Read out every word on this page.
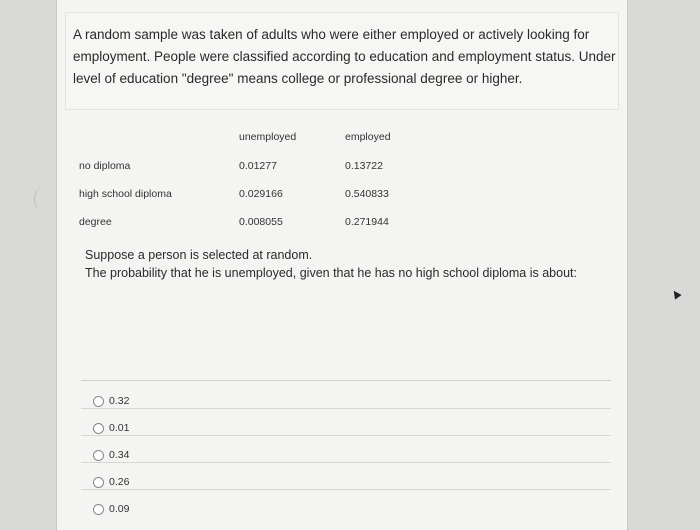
A random sample was taken of adults who were either employed or actively looking for employment. People were classified according to education and employment status. Under level of education "degree" means college or professional degree or higher.
	unemployed	employed
no diploma	0.01277	0.13722
high school diploma	0.029166	0.540833
degree	0.008055	0.271944
Suppose a person is selected at random.
The probability that he is unemployed, given that he has no high school diploma is about:
0.32
0.01
0.34
0.26
0.09
